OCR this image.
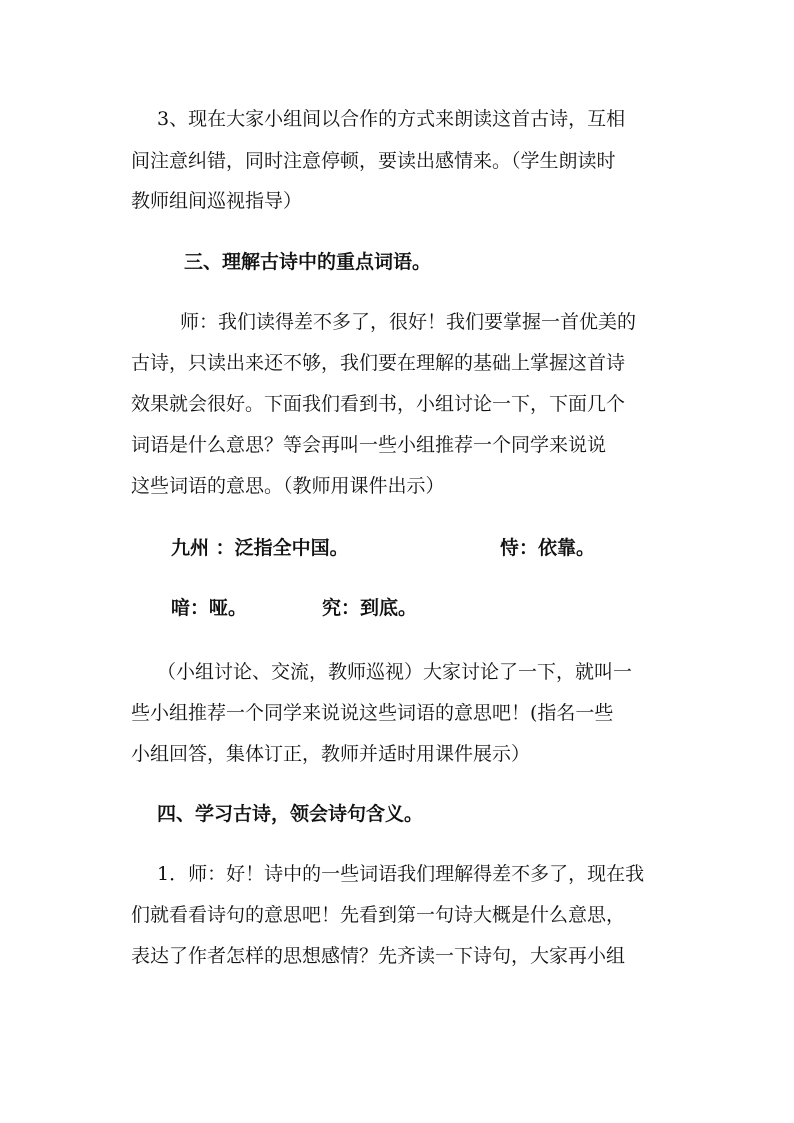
3、现在大家小组间以合作的方式来朗读这首古诗，互相
间注意纠错，同时注意停顿，要读出感情来。（学生朗读时
教师组间巡视指导）
三、理解古诗中的重点词语。
师：我们读得差不多了，很好！我们要掌握一首优美的
古诗，只读出来还不够，我们要在理解的基础上掌握这首诗
效果就会很好。下面我们看到书，小组讨论一下，下面几个
词语是什么意思？等会再叫一些小组推荐一个同学来说说
这些词语的意思。（教师用课件出示）
九州 ：泛指全中国。	恃：依靠。
喑：哑。	究：到底。
（小组讨论、交流，教师巡视）大家讨论了一下，就叫一
些小组推荐一个同学来说说这些词语的意思吧！(指名一些
小组回答，集体订正，教师并适时用课件展示）
四、学习古诗，领会诗句含义。
1．师：好！诗中的一些词语我们理解得差不多了，现在我
们就看看诗句的意思吧！先看到第一句诗大概是什么意思，
表达了作者怎样的思想感情？先齐读一下诗句，大家再小组
